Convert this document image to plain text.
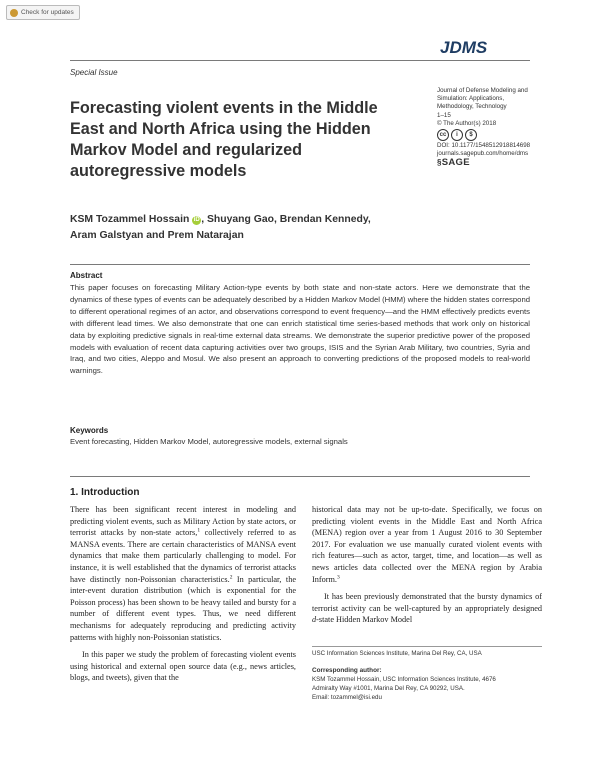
Check for updates
JDMS
Special Issue
Forecasting violent events in the Middle East and North Africa using the Hidden Markov Model and regularized autoregressive models
Journal of Defense Modeling and
Simulation: Applications,
Methodology, Technology
1–15
© The Author(s) 2018
cc	i	$
DOI: 10.1177/1548512918814698
journals.sagepub.com/home/dms
§SAGE
KSM Tozammel Hossain iD , Shuyang Gao, Brendan Kennedy,
Aram Galstyan and Prem Natarajan
Abstract
This paper focuses on forecasting Military Action-type events by both state and non-state actors. Here we demonstrate that the dynamics of these types of events can be adequately described by a Hidden Markov Model (HMM) where the hidden states correspond to different operational regimes of an actor, and observations correspond to event frequency—and the HMM effectively predicts events with different lead times. We also demonstrate that one can enrich statistical time series-based methods that work only on historical data by exploiting predictive signals in real-time external data streams. We demonstrate the superior predictive power of the proposed models with evaluation of recent data capturing activities over two groups, ISIS and the Syrian Arab Military, two countries, Syria and Iraq, and two cities, Aleppo and Mosul. We also present an approach to converting predictions of the proposed models to real-world warnings.
Keywords
Event forecasting, Hidden Markov Model, autoregressive models, external signals
1. Introduction

There has been significant recent interest in modeling and predicting violent events, such as Military Action by state actors, or terrorist attacks by non-state actors,$^1$ collectively referred to as MANSA events. There are certain characteristics of MANSA event dynamics that make them particularly challenging to model. For instance, it is well established that the dynamics of terrorist attacks have distinctly non-Poissonian characteristics.$^2$ In particular, the inter-event duration distribution (which is exponential for the Poisson process) has been shown to be heavy tailed and bursty for a number of different event types. Thus, we need different mechanisms for adequately reproducing and predicting activity patterns with highly non-Poissonian statistics.

In this paper we study the problem of forecasting violent events using historical and external open source data (e.g., news articles, blogs, and tweets), given that the

historical data may not be up-to-date. Specifically, we focus on predicting violent events in the Middle East and North Africa (MENA) region over a year from 1 August 2016 to 30 September 2017. For evaluation we use manually curated violent events with rich features—such as actor, target, time, and location—as well as news articles data collected over the MENA region by Arabia Inform.$^3$

It has been previously demonstrated that the bursty dynamics of terrorist activity can be well-captured by an appropriately designed d-state Hidden Markov Model

USC Information Sciences Institute, Marina Del Rey, CA, USA
Corresponding author:
KSM Tozammel Hossain, USC Information Sciences Institute, 4676
Admiralty Way #1001, Marina Del Rey, CA 90292, USA.
Email: tozammel@isi.edu
